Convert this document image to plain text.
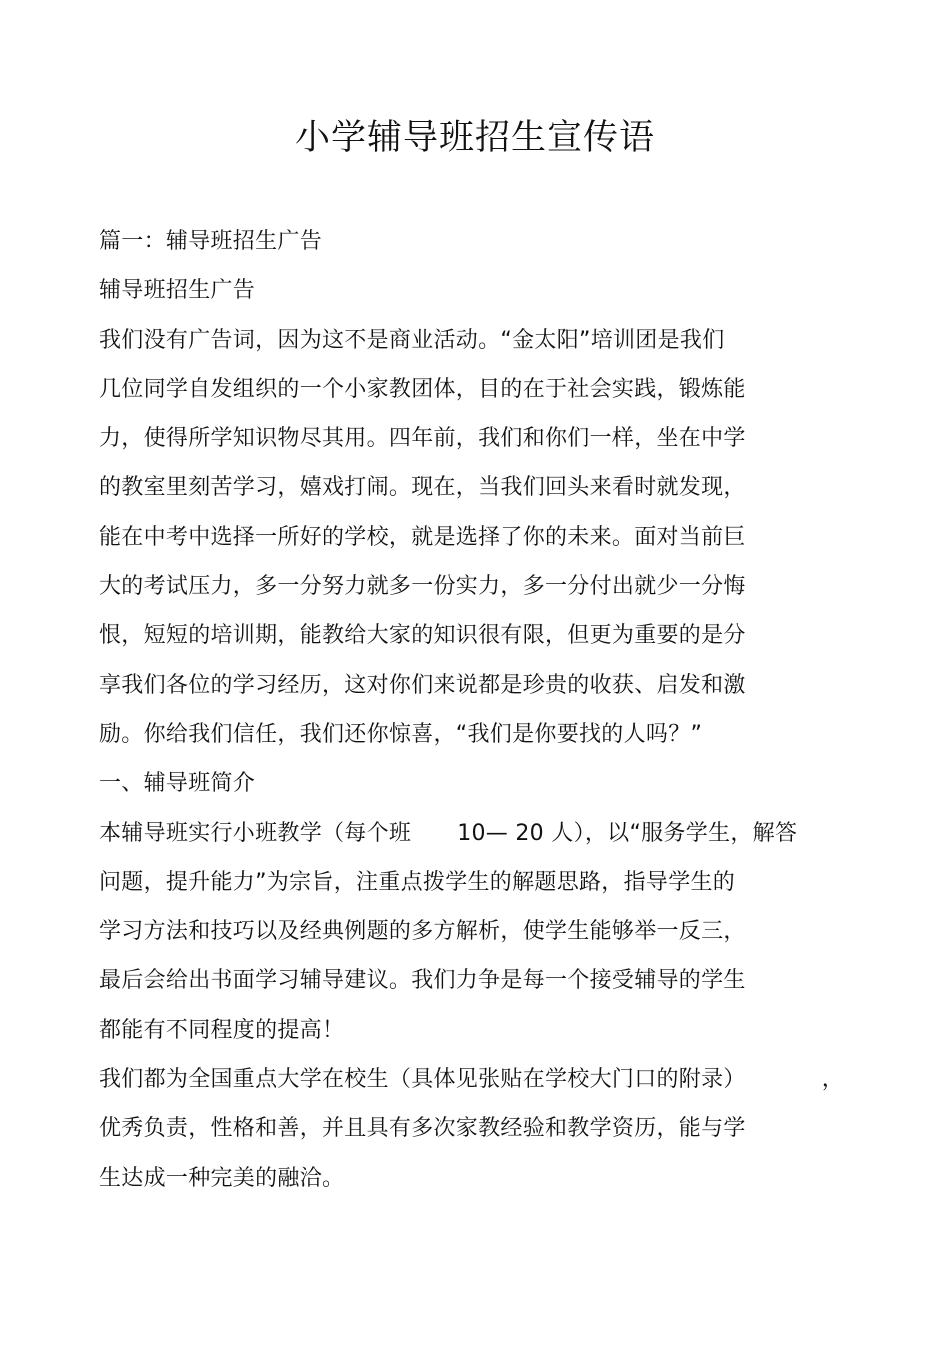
小学辅导班招生宣传语
篇一：辅导班招生广告
辅导班招生广告
我们没有广告词，因为这不是商业活动。“金太阳”培训团是我们
几位同学自发组织的一个小家教团体，目的在于社会实践，锻炼能
力，使得所学知识物尽其用。四年前，我们和你们一样，坐在中学
的教室里刻苦学习，嬉戏打闹。现在，当我们回头来看时就发现，
能在中考中选择一所好的学校，就是选择了你的未来。面对当前巨
大的考试压力，多一分努力就多一份实力，多一分付出就少一分悔
恨，短短的培训期，能教给大家的知识很有限，但更为重要的是分
享我们各位的学习经历，这对你们来说都是珍贵的收获、启发和激
励。你给我们信任，我们还你惊喜，“我们是你要找的人吗？”
一、辅导班简介
本辅导班实行小班教学（每个班 10— 20 人），以“服务学生，解答
问题，提升能力”为宗旨，注重点拨学生的解题思路，指导学生的
学习方法和技巧以及经典例题的多方解析，使学生能够举一反三，
最后会给出书面学习辅导建议。我们力争是每一个接受辅导的学生
都能有不同程度的提高！
我们都为全国重点大学在校生（具体见张贴在学校大门口的附录）	，
优秀负责，性格和善，并且具有多次家教经验和教学资历，能与学
生达成一种完美的融洽。
